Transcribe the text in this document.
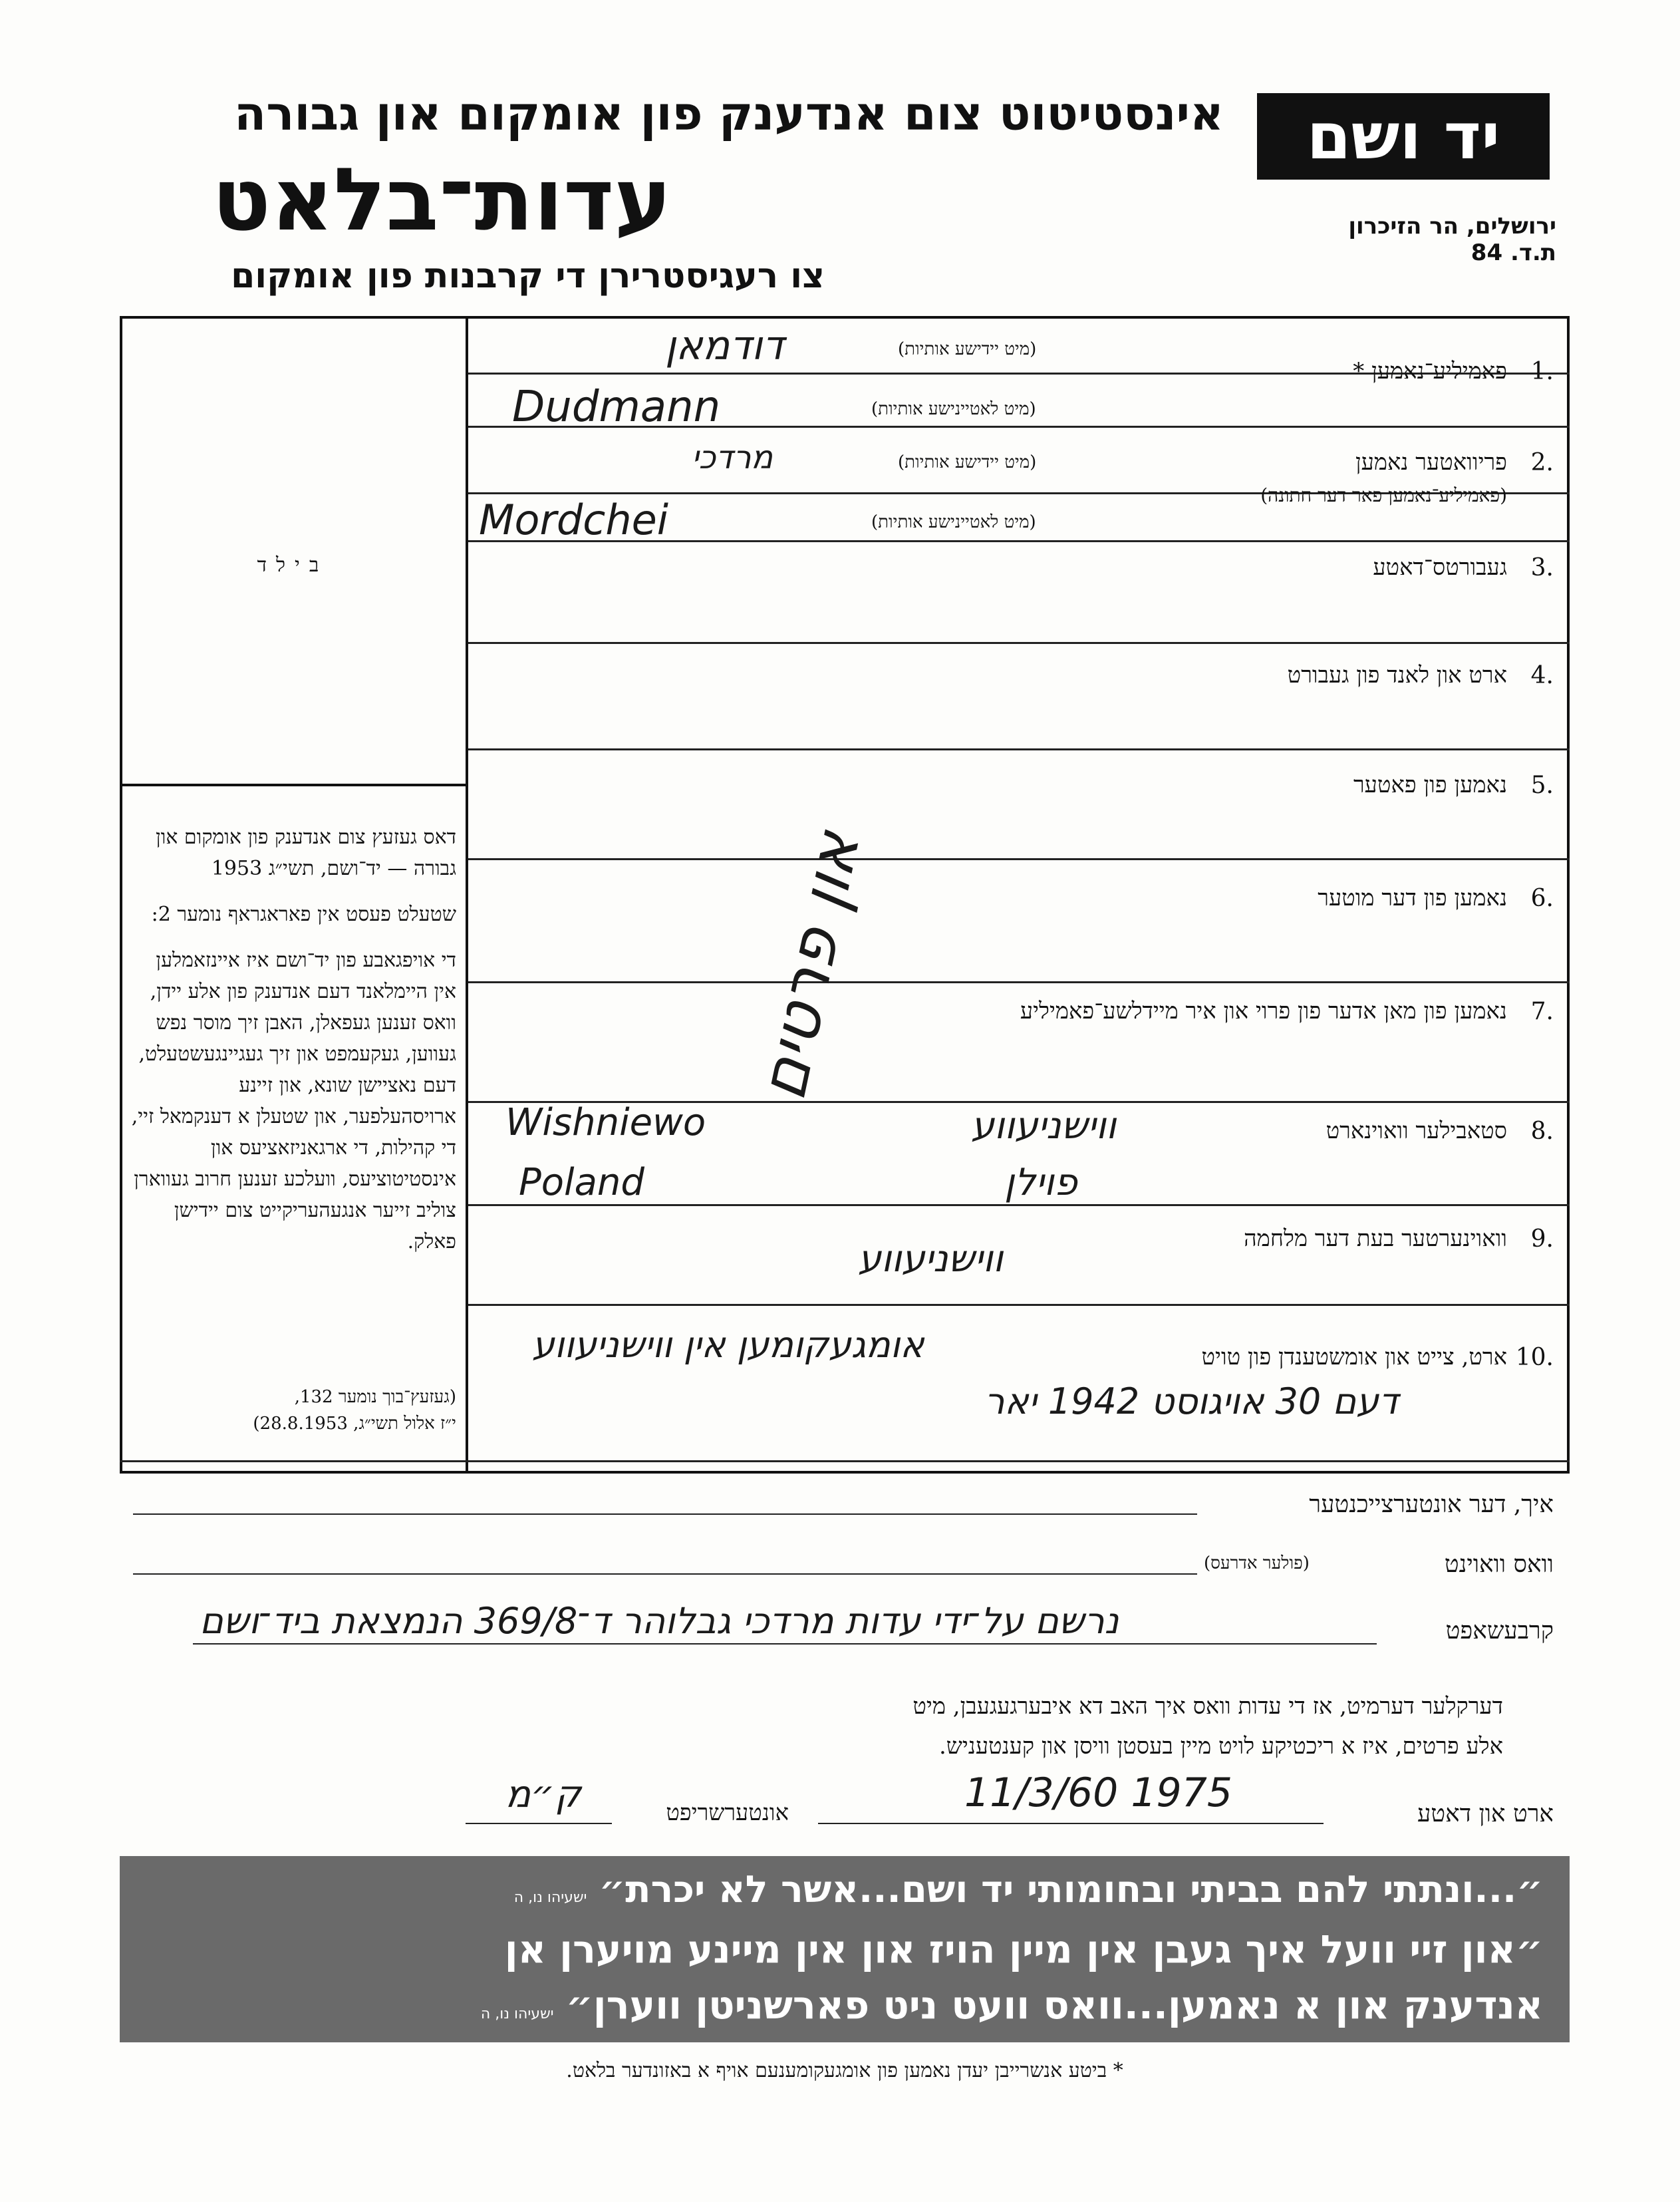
יד ושם
ירושלים, הר הזיכרון
ת.ד. 84
אינסטיטוט צום אנדענק פון אומקום און גבורה
עדות־בלאט
צו רעגיסטרירן די קרבנות פון אומקום
בילד
1.
פאמיליע־נאמען *
(מיט יידישע אותיות)
(מיט לאטיינישע אותיות)
דודמאן
Dudmann
2.
פריוואטער נאמען
(פאמיליע־נאמען פאר דער חתונה)
(מיט יידישע אותיות)
(מיט לאטיינישע אותיות)
מרדכי
Mordchei
3.
געבורטס־דאטע
4.
ארט און לאנד פון געבורט
5.
נאמען פון פאטער
6.
נאמען פון דער מוטער
7.
נאמען פון מאן אדער פון פרוי און איר מיידלשע־פאמיליע
און פרטים
8.
סטאבילער וואוינארט
Wishniewo	ווישניעווע
Poland	פוילן
9.
וואוינערטער בעת דער מלחמה
ווישניעווע
10.
ארט, צייט און אומשטענדן פון טויט
אומגעקומען אין ווישניעווע
דעם 30 אויגוסט 1942 יאר

דאס געזעץ צום אנדענק פון אומקום און גבורה — יד־ושם, תשי״ג 1953

שטעלט פעסט אין פאראגראף נומער 2:

די אויפגאבע פון יד־ושם איז איינזאמלען אין היימלאנד דעם אנדענק פון אלע יידן, וואס זענען געפאלן, האבן זיך מוסר נפש געווען, געקעמפט און זיך געגיינגעשטעלט, דעם נאציישן שונא, און זיינע ארויסהעלפער, און שטעלן א דענקמאל זיי, די קהילות, די ארגאניזאציעס און אינסטיטוציעס, וועלכע זענען חרוב געווארן צוליב זייער אנגעהעריקייט צום יידישן פאלק.

(געזעץ־בוך נומער 132,
י״ז אלול תשי״ג, 28.8.1953)
איך, דער אונטערצייכנטער
וואס וואוינט
(פולער אדרעס)
קרבעשאפט
נרשם על־ידי עדות מרדכי גבלוהר ד־369/8 הנמצאת ביד־ושם
דערקלער דערמיט, אז די עדות וואס איך האב דא איבערגעגעבן, מיט
אלע פרטים, איז א ריכטיקע לויט מיין בעסטן וויסן און קענטעניש.
ארט און דאטע
11/3/60 1975
אונטערשריפט
ק״מ
״...ונתתי להם בביתי ובחומותי יד ושם...אשר לא יכרת״ישעיהו נו, ה
״און זיי וועל איך געבן אין מיין הויז און אין מיינע מויערן אן
אנדענק און א נאמען...וואס וועט ניט פארשניטן ווערן״ישעיהו נו, ה
* ביטע אנשרייבן יעדן נאמען פון אומגעקומענעם אויף א באזונדער בלאט.
